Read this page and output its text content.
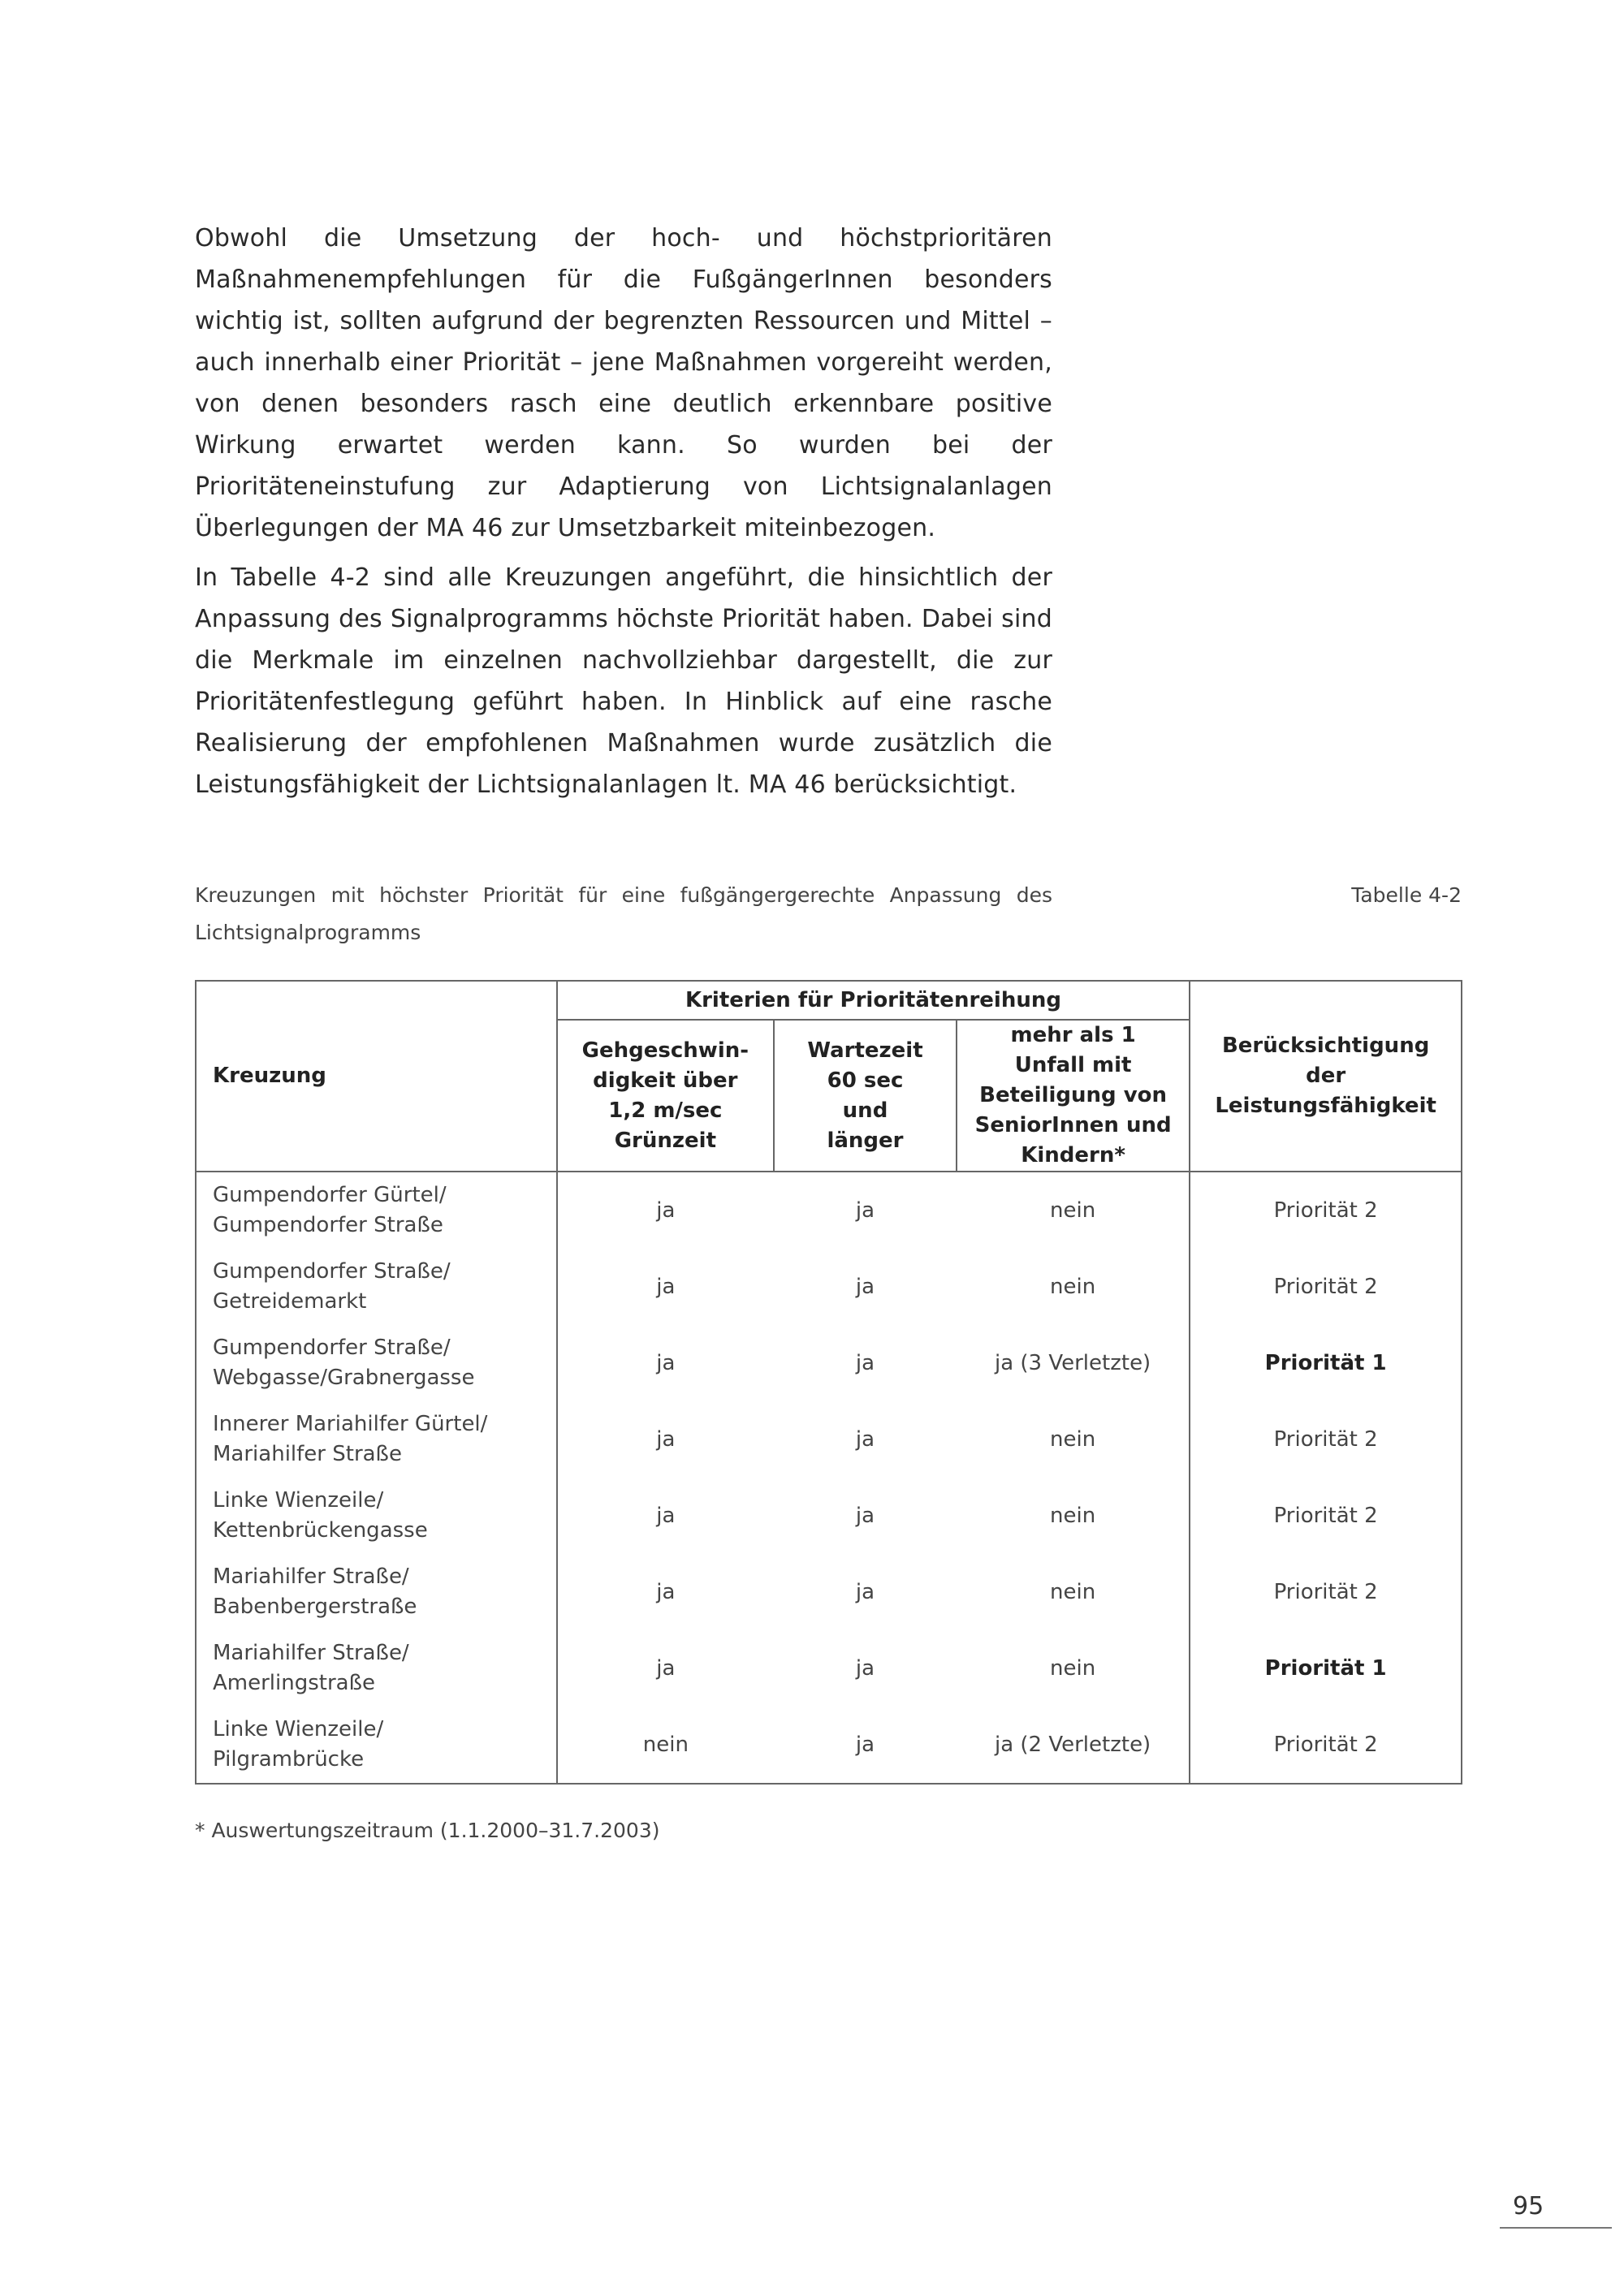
Obwohl die Umsetzung der hoch- und höchstprioritären Maßnahmenempfehlungen für die FußgängerInnen besonders wichtig ist, sollten aufgrund der begrenzten Ressourcen und Mittel – auch innerhalb einer Priorität – jene Maßnahmen vorgereiht werden, von denen besonders rasch eine deutlich erkennbare positive Wirkung erwartet werden kann. So wurden bei der Prioritäteneinstufung zur Adaptierung von Lichtsignalanlagen Überlegungen der MA 46 zur Umsetzbarkeit miteinbezogen.

In Tabelle 4-2 sind alle Kreuzungen angeführt, die hinsichtlich der Anpassung des Signalprogramms höchste Priorität haben. Dabei sind die Merkmale im einzelnen nachvollziehbar dargestellt, die zur Prioritätenfestlegung geführt haben. In Hinblick auf eine rasche Realisierung der empfohlenen Maßnahmen wurde zusätzlich die Leistungsfähigkeit der Lichtsignalanlagen lt. MA 46 berücksichtigt.

Kreuzungen mit höchster Priorität für eine fußgängergerechte Anpassung des Lichtsignalprogramms
Tabelle 4-2
Kreuzung	Kriterien für Prioritätenreihung			Berücksichtigung der Leistungsfähigkeit
	Gehgeschwin-digkeit über 1,2 m/sec Grünzeit	Wartezeit 60 sec und länger	mehr als 1 Unfall mit Beteiligung von SeniorInnen und Kindern*	
Gumpendorfer Gürtel/
Gumpendorfer Straße	ja	ja	nein	Priorität 2
Gumpendorfer Straße/
Getreidemarkt	ja	ja	nein	Priorität 2
Gumpendorfer Straße/
Webgasse/Grabnergasse	ja	ja	ja (3 Verletzte)	Priorität 1
Innerer Mariahilfer Gürtel/
Mariahilfer Straße	ja	ja	nein	Priorität 2
Linke Wienzeile/
Kettenbrückengasse	ja	ja	nein	Priorität 2
Mariahilfer Straße/
Babenbergerstraße	ja	ja	nein	Priorität 2
Mariahilfer Straße/
Amerlingstraße	ja	ja	nein	Priorität 1
Linke Wienzeile/
Pilgrambrücke	nein	ja	ja (2 Verletzte)	Priorität 2
* Auswertungszeitraum (1.1.2000–31.7.2003)
95
